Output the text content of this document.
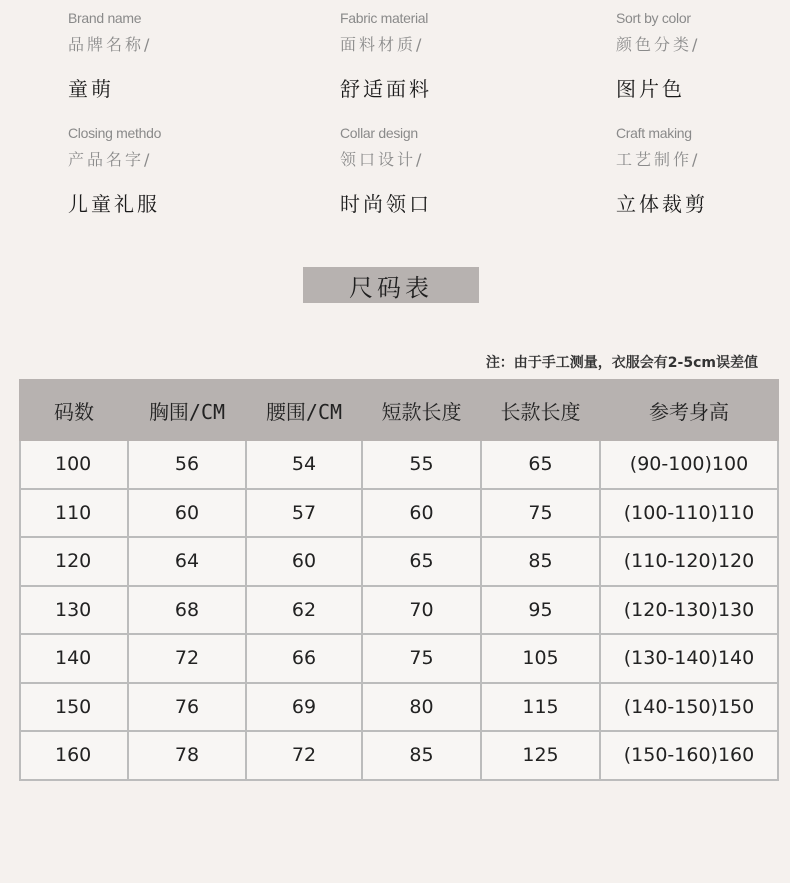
Brand name
品牌名称/
童萌
Fabric material
面料材质/
舒适面料
Sort by color
颜色分类/
图片色
Closing methdo
产品名字/
儿童礼服
Collar design
领口设计/
时尚领口
Craft making
工艺制作/
立体裁剪
尺码表
注：由于手工测量，衣服会有2-5cm误差值
码数	胸围/CM	腰围/CM	短款长度	长款长度	参考身高
100	56	54	55	65	(90-100)100
110	60	57	60	75	(100-110)110
120	64	60	65	85	(110-120)120
130	68	62	70	95	(120-130)130
140	72	66	75	105	(130-140)140
150	76	69	80	115	(140-150)150
160	78	72	85	125	(150-160)160
